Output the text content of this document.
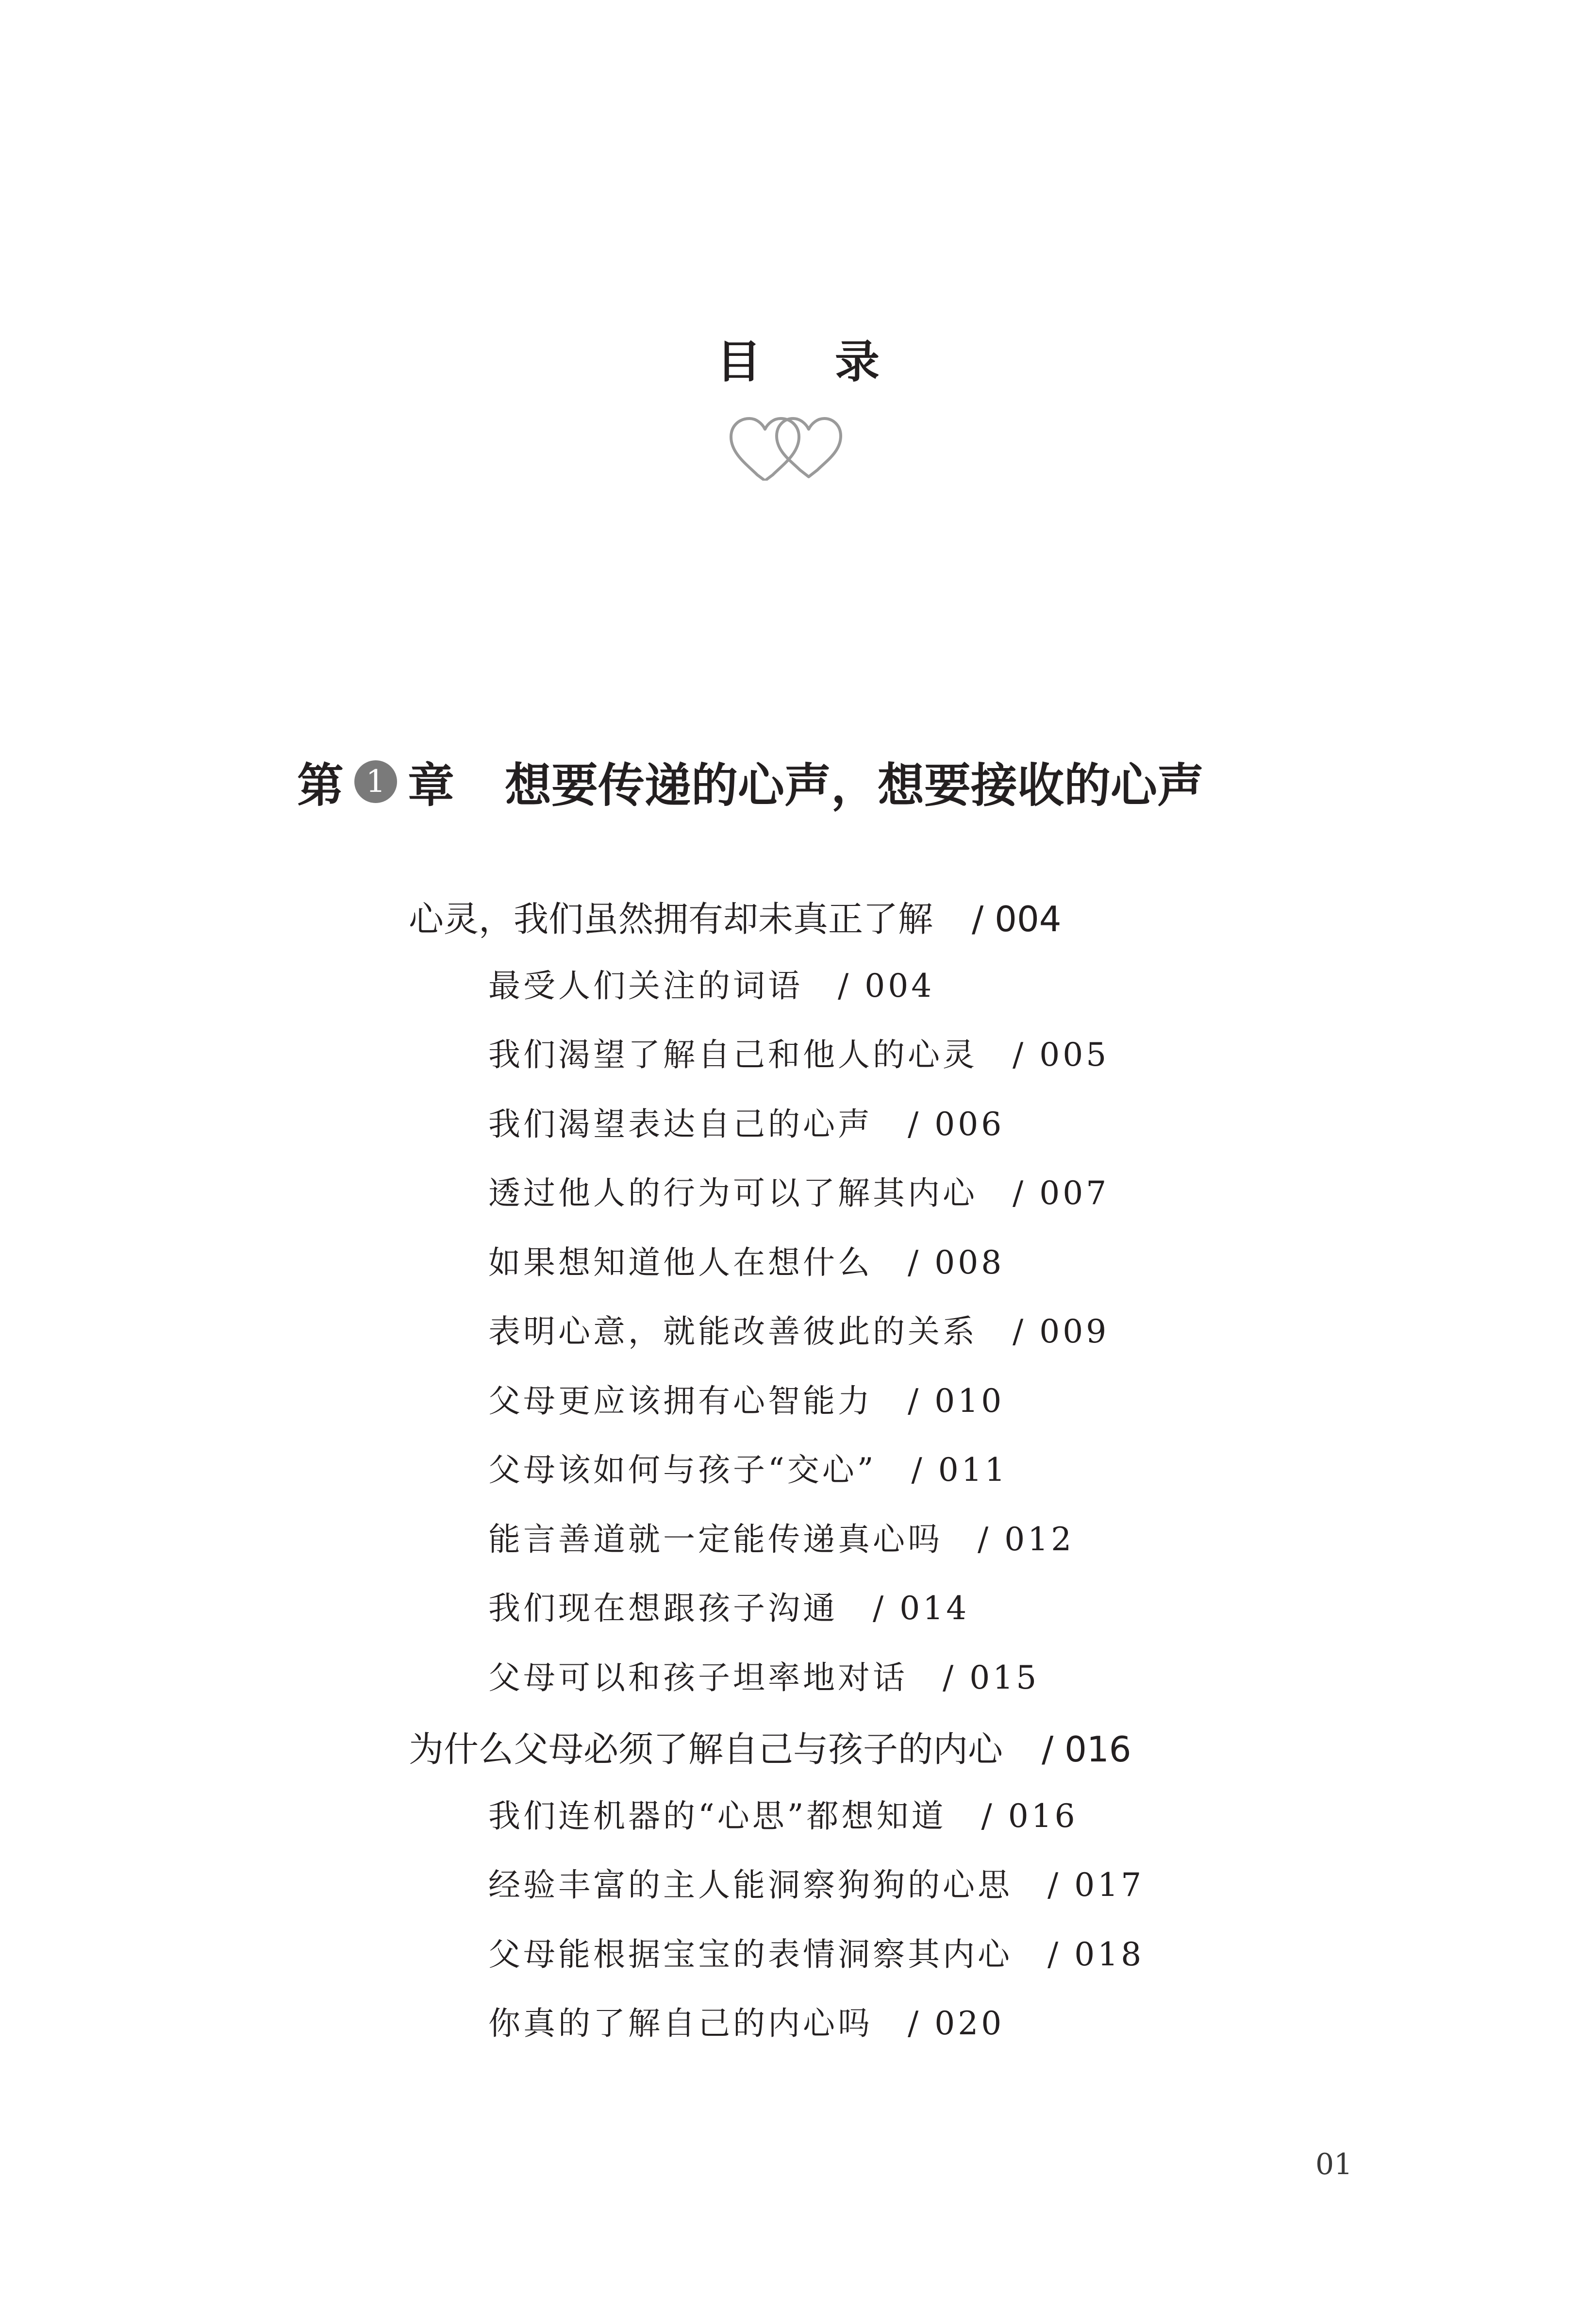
目 录
第 1 章 想要传递的心声，想要接收的心声
心灵，我们虽然拥有却未真正了解 / 004
最受人们关注的词语 / 004
我们渴望了解自己和他人的心灵 / 005
我们渴望表达自己的心声 / 006
透过他人的行为可以了解其内心 / 007
如果想知道他人在想什么 / 008
表明心意，就能改善彼此的关系 / 009
父母更应该拥有心智能力 / 010
父母该如何与孩子“交心” / 011
能言善道就一定能传递真心吗 / 012
我们现在想跟孩子沟通 / 014
父母可以和孩子坦率地对话 / 015
为什么父母必须了解自己与孩子的内心 / 016
我们连机器的“心思”都想知道 / 016
经验丰富的主人能洞察狗狗的心思 / 017
父母能根据宝宝的表情洞察其内心 / 018
你真的了解自己的内心吗 / 020
01
